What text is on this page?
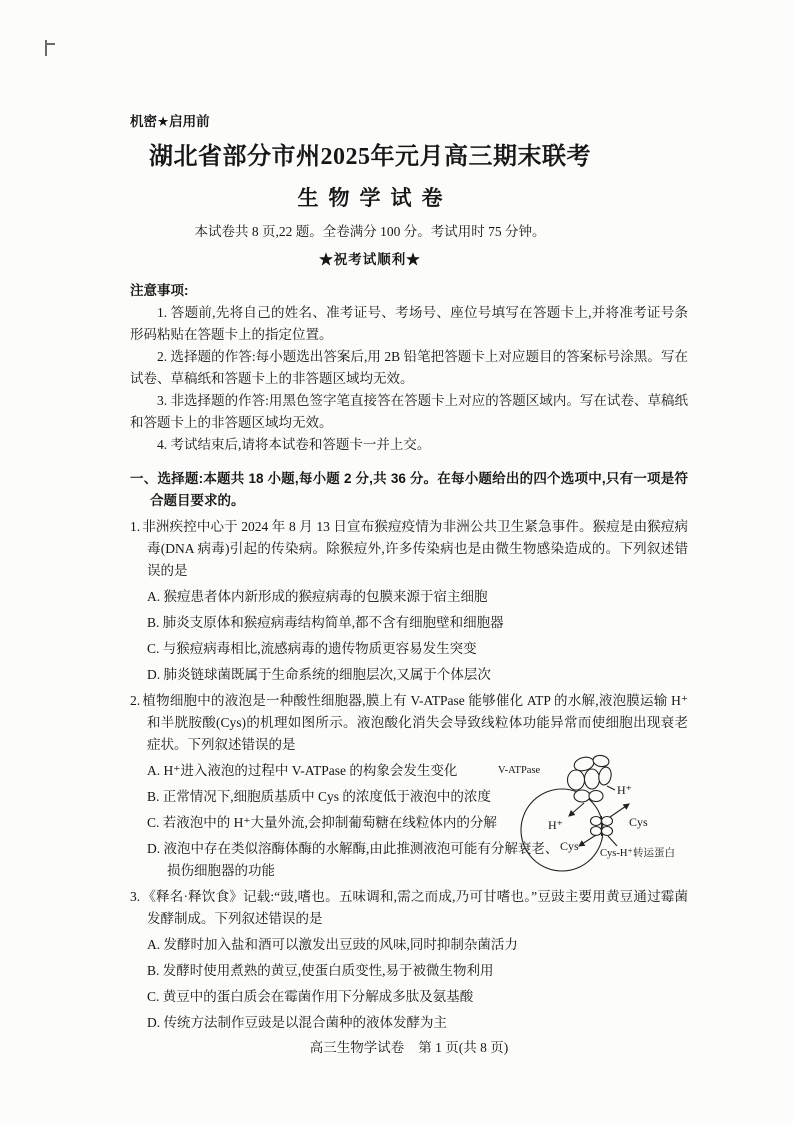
机密★启用前
湖北省部分市州2025年元月高三期末联考
生物学试卷
本试卷共 8 页,22 题。全卷满分 100 分。考试用时 75 分钟。
★祝考试顺利★
注意事项:

1. 答题前,先将自己的姓名、准考证号、考场号、座位号填写在答题卡上,并将准考证号条形码粘贴在答题卡上的指定位置。

2. 选择题的作答:每小题选出答案后,用 2B 铅笔把答题卡上对应题目的答案标号涂黑。写在试卷、草稿纸和答题卡上的非答题区域均无效。

3. 非选择题的作答:用黑色签字笔直接答在答题卡上对应的答题区域内。写在试卷、草稿纸和答题卡上的非答题区域均无效。

4. 考试结束后,请将本试卷和答题卡一并上交。

一、选择题:本题共 18 小题,每小题 2 分,共 36 分。在每小题给出的四个选项中,只有一项是符合题目要求的。

1. 非洲疾控中心于 2024 年 8 月 13 日宣布猴痘疫情为非洲公共卫生紧急事件。猴痘是由猴痘病毒(DNA 病毒)引起的传染病。除猴痘外,许多传染病也是由微生物感染造成的。下列叙述错误的是

A. 猴痘患者体内新形成的猴痘病毒的包膜来源于宿主细胞
B. 肺炎支原体和猴痘病毒结构简单,都不含有细胞壁和细胞器
C. 与猴痘病毒相比,流感病毒的遗传物质更容易发生突变
D. 肺炎链球菌既属于生命系统的细胞层次,又属于个体层次

2. 植物细胞中的液泡是一种酸性细胞器,膜上有 V-ATPase 能够催化 ATP 的水解,液泡膜运输 H⁺和半胱胺酸(Cys)的机理如图所示。液泡酸化消失会导致线粒体功能异常而使细胞出现衰老症状。下列叙述错误的是

A. H⁺进入液泡的过程中 V-ATPase 的构象会发生变化
B. 正常情况下,细胞质基质中 Cys 的浓度低于液泡中的浓度
C. 若液泡中的 H⁺大量外流,会抑制葡萄糖在线粒体内的分解
D. 液泡中存在类似溶酶体酶的水解酶,由此推测液泡可能有分解衰老、损伤细胞器的功能

3. 《释名·释饮食》记载:“豉,嗜也。五味调和,需之而成,乃可甘嗜也。”豆豉主要用黄豆通过霉菌发酵制成。下列叙述错误的是

A. 发酵时加入盐和酒可以激发出豆豉的风味,同时抑制杂菌活力
B. 发酵时使用煮熟的黄豆,使蛋白质变性,易于被微生物利用
C. 黄豆中的蛋白质会在霉菌作用下分解成多肽及氨基酸
D. 传统方法制作豆豉是以混合菌种的液体发酵为主
V-ATPase
H⁺
H⁺	Cys
Cys
Cys-H⁺转运蛋白
高三生物学试卷 第 1 页(共 8 页)
